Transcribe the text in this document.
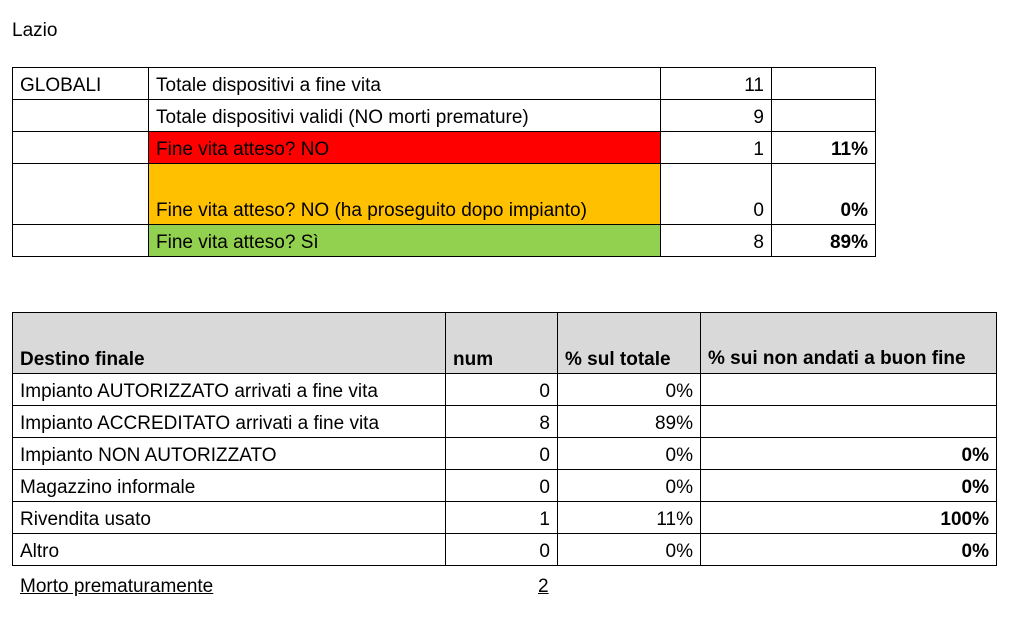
Lazio
GLOBALI	Totale dispositivi a fine vita	11	
	Totale dispositivi validi (NO morti premature)	9	
	Fine vita atteso? NO	1	11%
	Fine vita atteso? NO (ha proseguito dopo impianto)	0	0%
	Fine vita atteso? Sì	8	89%
Destino finale	num	% sul totale	% sui non andati a buon fine
Impianto AUTORIZZATO arrivati a fine vita	0	0%	
Impianto ACCREDITATO arrivati a fine vita	8	89%	
Impianto NON AUTORIZZATO	0	0%	0%
Magazzino informale	0	0%	0%
Rivendita usato	1	11%	100%
Altro	0	0%	0%
Morto prematuramente	2
